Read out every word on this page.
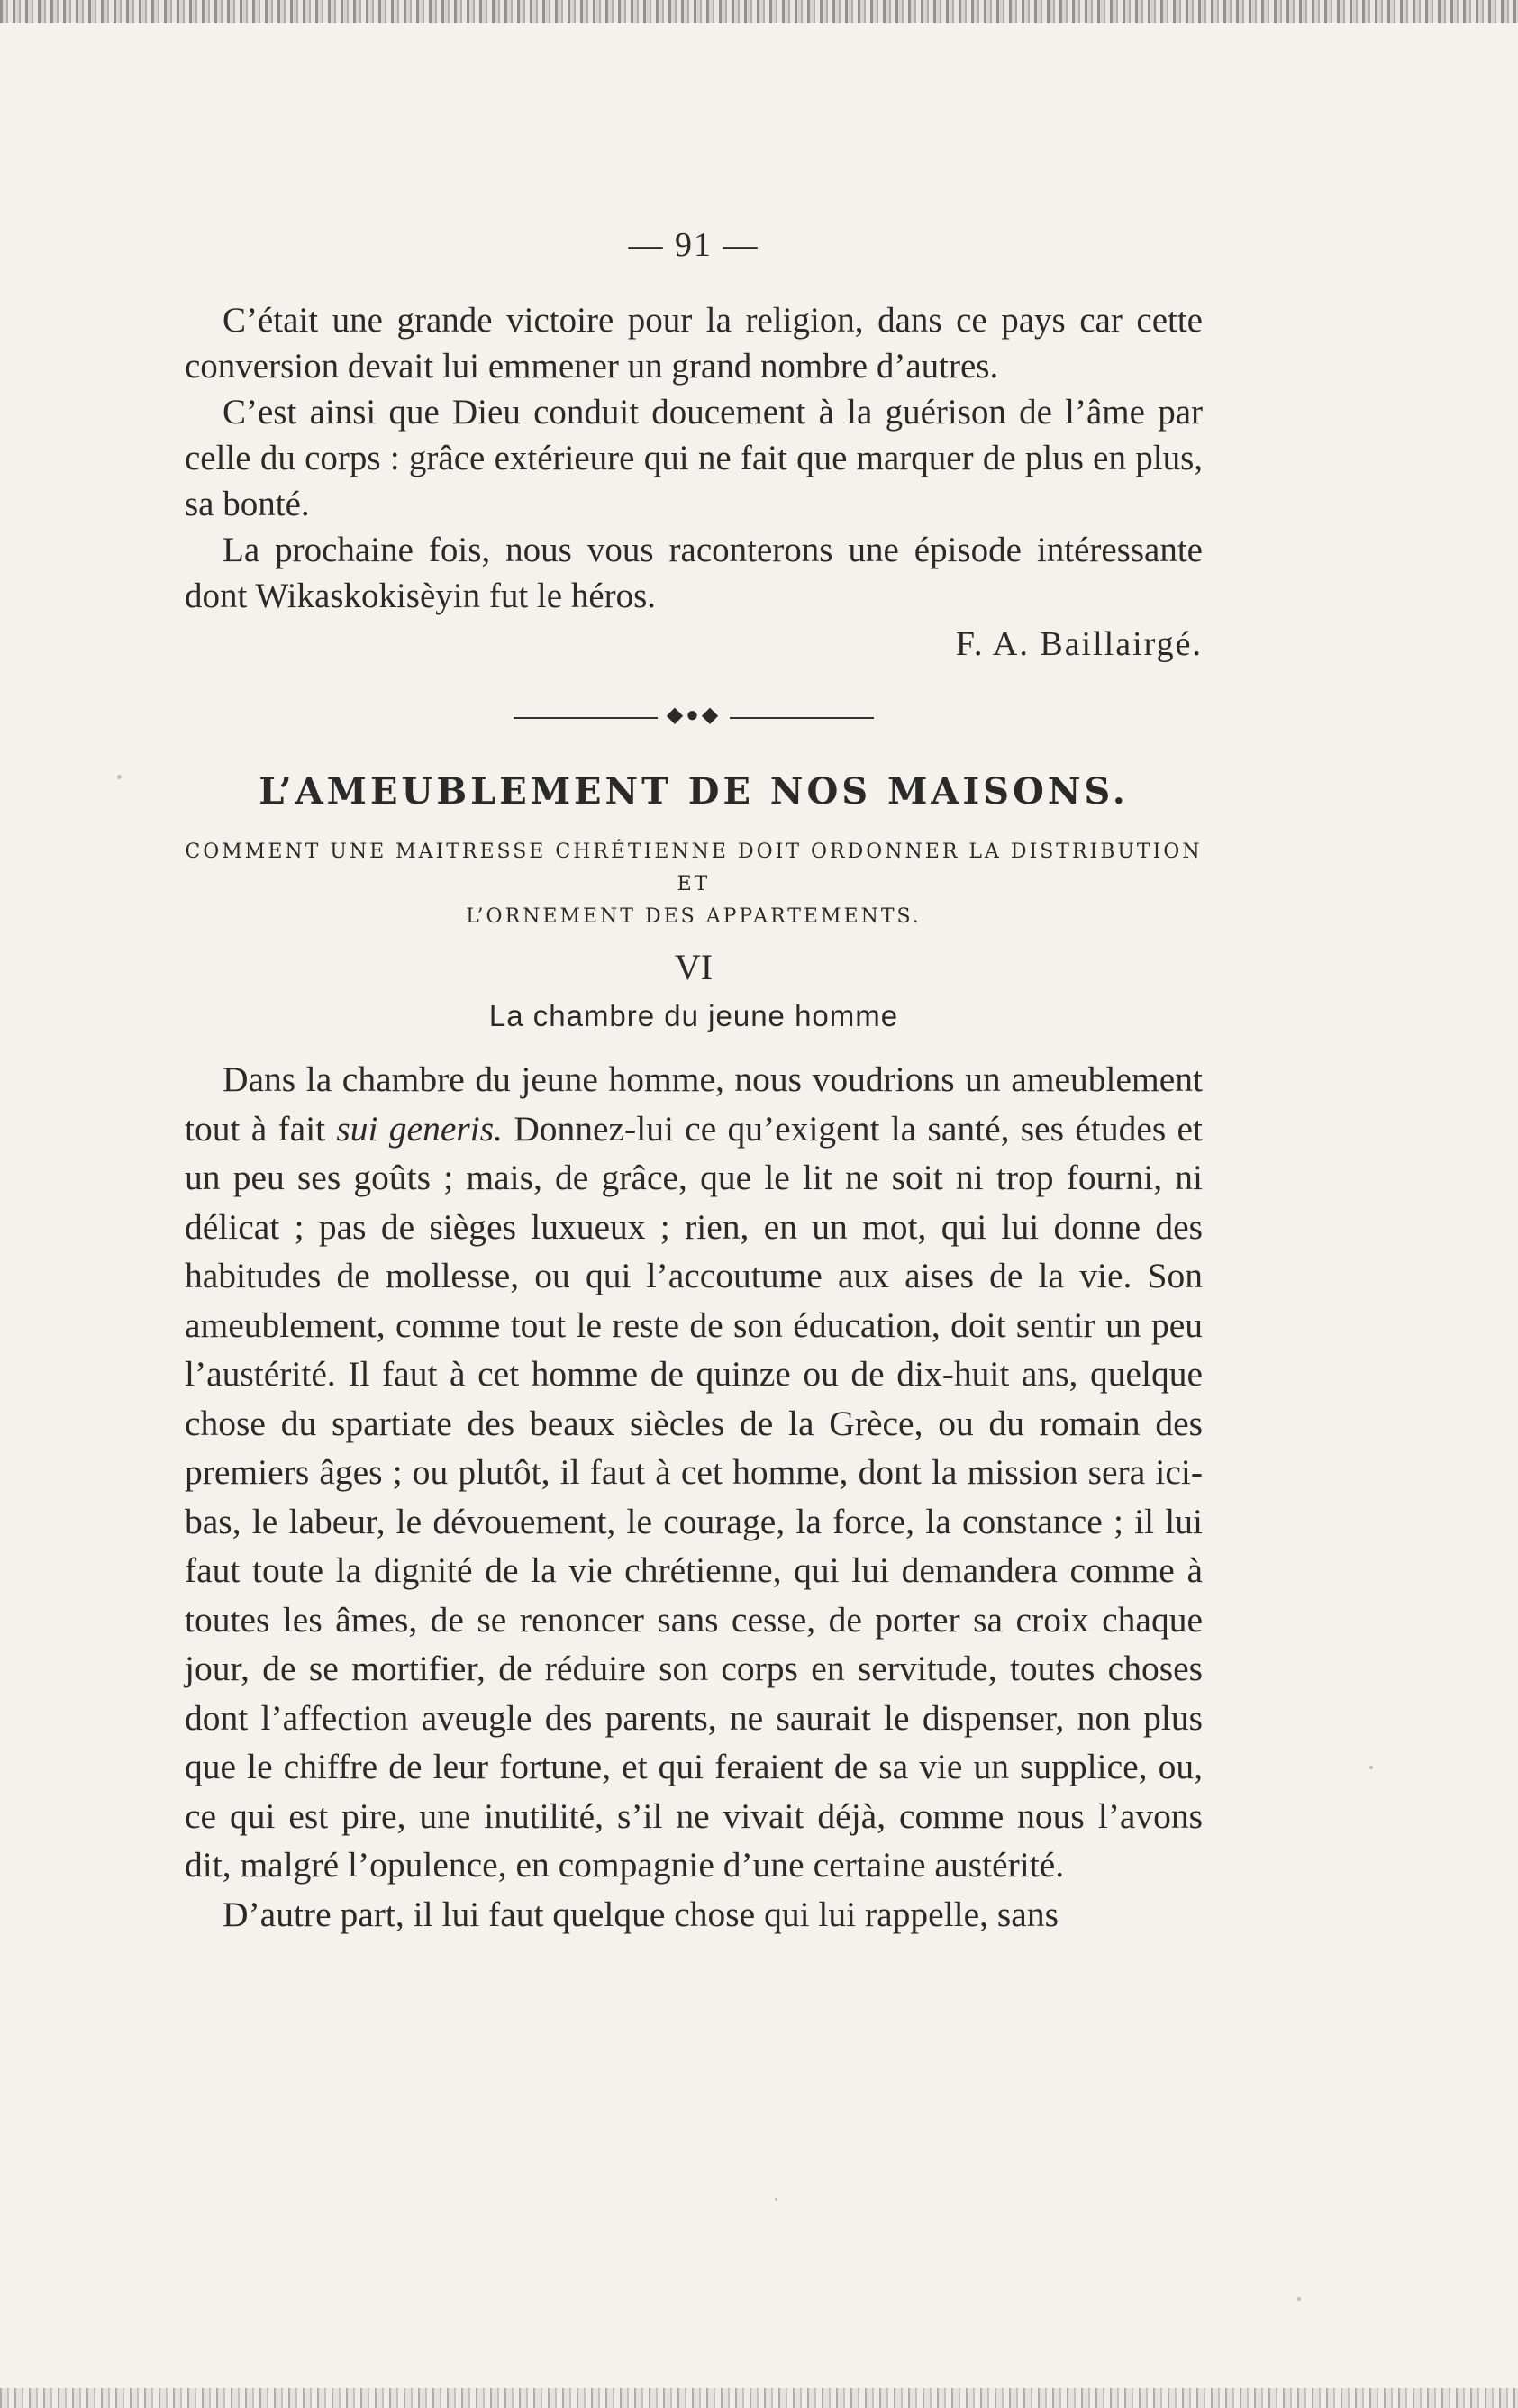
— 91 —

C’était une grande victoire pour la religion, dans ce pays car cette conversion devait lui emmener un grand nombre d’autres.

C’est ainsi que Dieu conduit doucement à la guérison de l’âme par celle du corps : grâce extérieure qui ne fait que marquer de plus en plus, sa bonté.

La prochaine fois, nous vous raconterons une épisode intéressante dont Wikaskokisèyin fut le héros.

F. A. Baillairgé.

◆●◆
L’AMEUBLEMENT DE NOS MAISONS.
COMMENT UNE MAITRESSE CHRÉTIENNE DOIT ORDONNER LA DISTRIBUTION ET
L’ORNEMENT DES APPARTEMENTS.
VI
La chambre du jeune homme

Dans la chambre du jeune homme, nous voudrions un ameublement tout à fait sui generis. Donnez-lui ce qu’exigent la santé, ses études et un peu ses goûts ; mais, de grâce, que le lit ne soit ni trop fourni, ni délicat ; pas de sièges luxueux ; rien, en un mot, qui lui donne des habitudes de mollesse, ou qui l’accoutume aux aises de la vie. Son ameublement, comme tout le reste de son éducation, doit sentir un peu l’austérité. Il faut à cet homme de quinze ou de dix-huit ans, quelque chose du spartiate des beaux siècles de la Grèce, ou du romain des premiers âges ; ou plutôt, il faut à cet homme, dont la mission sera ici-bas, le labeur, le dévouement, le courage, la force, la constance ; il lui faut toute la dignité de la vie chrétienne, qui lui demandera comme à toutes les âmes, de se renoncer sans cesse, de porter sa croix chaque jour, de se mortifier, de réduire son corps en servitude, toutes choses dont l’affection aveugle des parents, ne saurait le dispenser, non plus que le chiffre de leur fortune, et qui feraient de sa vie un supplice, ou, ce qui est pire, une inutilité, s’il ne vivait déjà, comme nous l’avons dit, malgré l’opulence, en compagnie d’une certaine austérité.

D’autre part, il lui faut quelque chose qui lui rappelle, sans
